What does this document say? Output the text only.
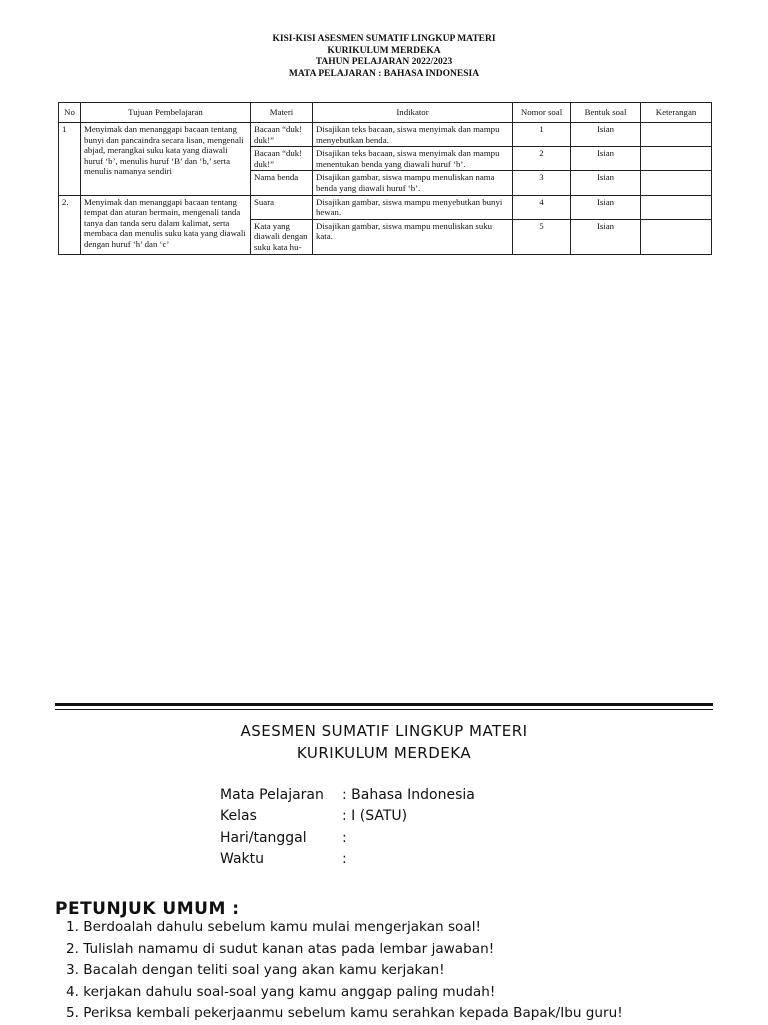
KISI-KISI ASESMEN SUMATIF LINGKUP MATERI
KURIKULUM MERDEKA
TAHUN PELAJARAN 2022/2023
MATA PELAJARAN : BAHASA INDONESIA
No	Tujuan Pembelajaran	Materi	Indikator	Nomor soal	Bentuk soal	Keterangan
1	Menyimak dan menanggapi bacaan tentang bunyi dan pancaindra secara lisan, mengenali abjad, merangkai suku kata yang diawali huruf ‘b’, menulis huruf ‘B’ dan ‘b,’ serta menulis namanya sendiri	Bacaan “duk! duk!”	Disajikan teks bacaan, siswa menyimak dan mampu menyebutkan benda.	1	Isian	
		Bacaan “duk! duk!”	Disajikan teks bacaan, siswa menyimak dan mampu menentukan benda yang diawali huruf ‘b’.	2	Isian	
		Nama benda	Disajikan gambar, siswa mampu menuliskan nama benda yang diawali huruf ‘b’.	3	Isian	
2.	Menyimak dan menanggapi bacaan tentang tempat dan aturan bermain, mengenali tanda tanya dan tanda seru dalam kalimat, serta membaca dan menulis suku kata yang diawali dengan huruf ‘h’ dan ‘c’	Suara	Disajikan gambar, siswa mampu menyebutkan bunyi hewan.	4	Isian	
		Kata yang diawali dengan suku kata hu-	Disajikan gambar, siswa mampu menuliskan suku kata.	5	Isian	
ASESMEN SUMATIF LINGKUP MATERI
KURIKULUM MERDEKA
Mata Pelajaran	: Bahasa Indonesia
Kelas	: I (SATU)
Hari/tanggal	:
Waktu	:
PETUNJUK UMUM :
1. Berdoalah dahulu sebelum kamu mulai mengerjakan soal!
2. Tulislah namamu di sudut kanan atas pada lembar jawaban!
3. Bacalah dengan teliti soal yang akan kamu kerjakan!
4. kerjakan dahulu soal-soal yang kamu anggap paling mudah!
5. Periksa kembali pekerjaanmu sebelum kamu serahkan kepada Bapak/Ibu guru!
